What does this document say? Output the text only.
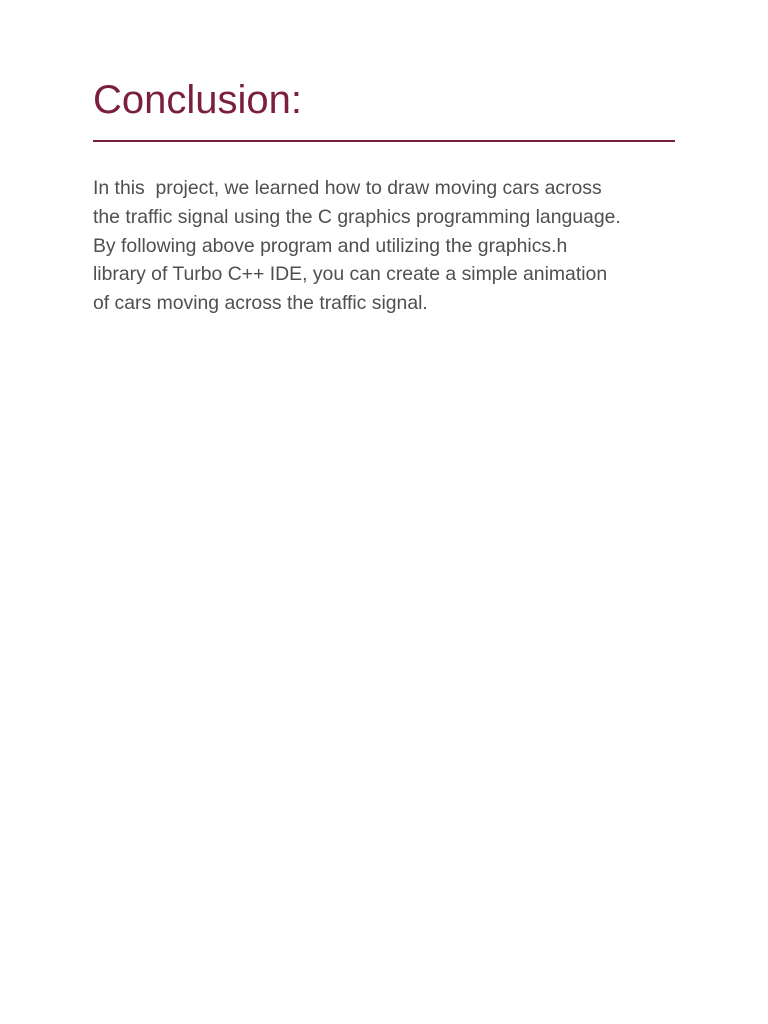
Conclusion:

In this  project, we learned how to draw moving cars across
the traffic signal using the C graphics programming language.
By following above program and utilizing the graphics.h
library of Turbo C++ IDE, you can create a simple animation
of cars moving across the traffic signal.
